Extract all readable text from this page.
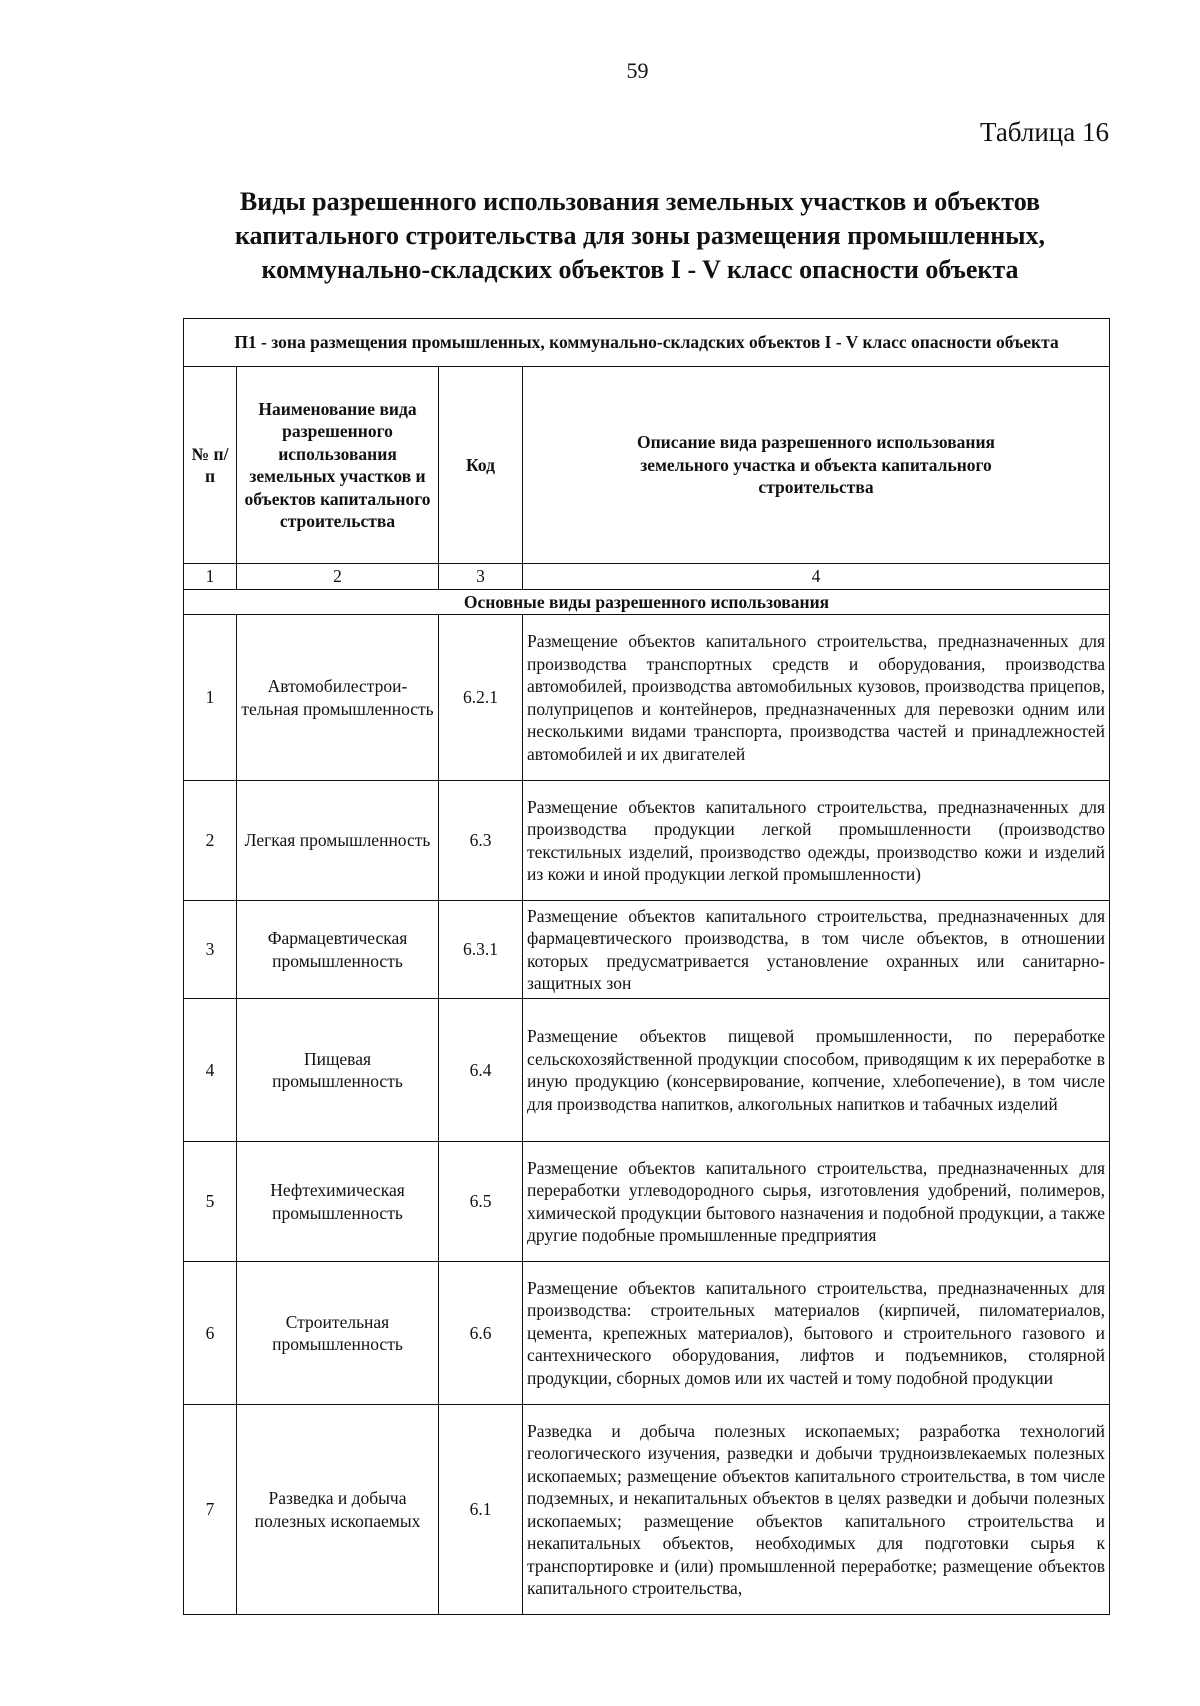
59
Таблица 16
Виды разрешенного использования земельных участков и объектов
капитального строительства для зоны размещения промышленных,
коммунально-складских объектов I - V класс опасности объекта
П1 - зона размещения промышленных, коммунально-складских объектов I - V класс опасности объекта			
№ п/п	Наименование вида разрешенного использования земельных участков и объектов капитального строительства	Код	Описание вида разрешенного использования земельного участка и объекта капитального строительства
1	2	3	4
Основные виды разрешенного использования			
1	Автомобилестрои-тельная промышленность	6.2.1	Размещение объектов капитального строительства, предназначенных для производства транспортных средств и оборудования, производства автомобилей, производства автомобильных кузовов, производства прицепов, полуприцепов и контейнеров, предназначенных для перевозки одним или несколькими видами транспорта, производства частей и принадлежностей автомобилей и их двигателей
2	Легкая промышленность	6.3	Размещение объектов капитального строительства, предназначенных для производства продукции легкой промышленности (производство текстильных изделий, производство одежды, производство кожи и изделий из кожи и иной продукции легкой промышленности)
3	Фармацевтическая промышленность	6.3.1	Размещение объектов капитального строительства, предназначенных для фармацевтического производства, в том числе объектов, в отношении которых предусматривается установление охранных или санитарно-защитных зон
4	Пищевая промышленность	6.4	Размещение объектов пищевой промышленности, по переработке сельскохозяйственной продукции способом, приводящим к их переработке в иную продукцию (консервирование, копчение, хлебопечение), в том числе для производства напитков, алкогольных напитков и табачных изделий
5	Нефтехимическая промышленность	6.5	Размещение объектов капитального строительства, предназначенных для переработки углеводородного сырья, изготовления удобрений, полимеров, химической продукции бытового назначения и подобной продукции, а также другие подобные промышленные предприятия
6	Строительная промышленность	6.6	Размещение объектов капитального строительства, предназначенных для производства: строительных материалов (кирпичей, пиломатериалов, цемента, крепежных материалов), бытового и строительного газового и сантехнического оборудования, лифтов и подъемников, столярной продукции, сборных домов или их частей и тому подобной продукции
7	Разведка и добыча полезных ископаемых	6.1	Разведка и добыча полезных ископаемых; разработка технологий геологического изучения, разведки и добычи трудноизвлекаемых полезных ископаемых; размещение объектов капитального строительства, в том числе подземных, и некапитальных объектов в целях разведки и добычи полезных ископаемых; размещение объектов капитального строительства и некапитальных объектов, необходимых для подготовки сырья к транспортировке и (или) промышленной переработке; размещение объектов капитального строительства,
